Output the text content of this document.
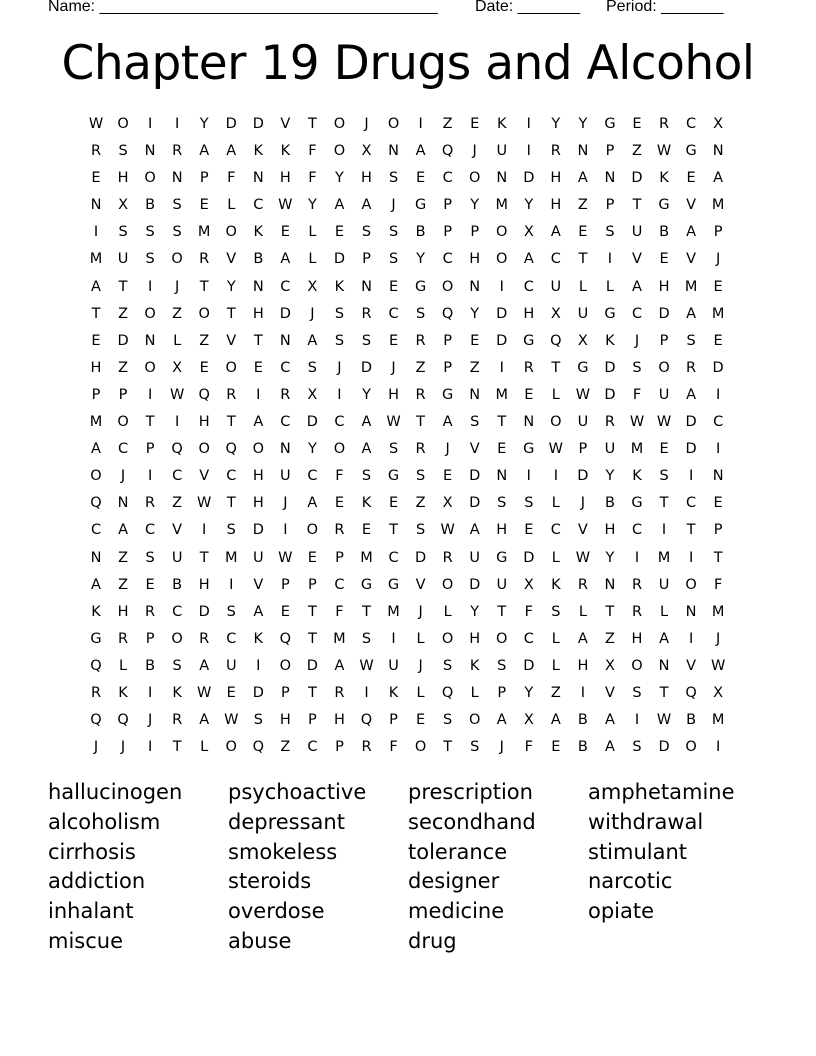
Name: ______________________________________ Date: _______ Period: _______
Chapter 19 Drugs and Alcohol
W O	I	I	Y	D	D	V	T	O	J	O	I	Z	E	K	I	Y	Y	G	E	R	C	X
R	S	N	R	A	A	K	K	F	O	X	N	A	Q	J	U	I	R	N	P	Z	W G	N
E	H	O	N	P	F	N	H	F	Y	H	S	E	C	O	N	D	H	A	N	D	K	E	A
N	X	B	S	E	L	C	W	Y	A	A	J	G	P	Y	M	Y	H	Z	P	T	G	V	M
I	S	S	S	M	O	K	E	L	E	S	S	B	P	P	O	X	A	E	S	U	B	A	P
M	U	S	O	R	V	B	A	L	D	P	S	Y	C	H	O	A	C	T	I	V	E	V	J
A	T	I	J	T	Y	N	C	X	K	N	E	G	O	N	I	C	U	L	L	A	H	M	E
T	Z	O	Z	O	T	H	D	J	S	R	C	S	Q	Y	D	H	X	U	G	C	D	A	M
E	D	N	L	Z	V	T	N	A	S	S	E	R	P	E	D	G	Q	X	K	J	P	S	E
H	Z	O	X	E	O	E	C	S	J	D	J	Z	P	Z	I	R	T	G	D	S	O	R	D
P	P	I	W Q	R	I	R	X	I	Y	H	R	G	N	M	E	L	W D	F	U	A	I
M	O	T	I	H	T	A	C	D	C	A	W	T	A	S	T	N	O	U	R	W W D	C
A	C	P	Q	O	Q	O	N	Y	O	A	S	R	J	V	E	G W	P	U	M	E	D	I
O	J	I	C	V	C	H	U	C	F	S	G	S	E	D	N	I	I	D	Y	K	S	I	N
Q	N	R	Z	W	T	H	J	A	E	K	E	Z	X	D	S	S	L	J	B	G	T	C	E
C	A	C	V	I	S	D	I	O	R	E	T	S	W	A	H	E	C	V	H	C	I	T	P
N	Z	S	U	T	M	U	W	E	P	M	C	D	R	U	G	D	L	W	Y	I	M	I	T
A	Z	E	B	H	I	V	P	P	C	G	G	V	O	D	U	X	K	R	N	R	U	O	F
K	H	R	C	D	S	A	E	T	F	T	M	J	L	Y	T	F	S	L	T	R	L	N	M
G	R	P	O	R	C	K	Q	T	M	S	I	L	O	H	O	C	L	A	Z	H	A	I	J
Q	L	B	S	A	U	I	O	D	A	W	U	J	S	K	S	D	L	H	X	O	N	V	W
R	K	I	K	W	E	D	P	T	R	I	K	L	Q	L	P	Y	Z	I	V	S	T	Q	X
Q	Q	J	R	A	W	S	H	P	H	Q	P	E	S	O	A	X	A	B	A	I	W	B	M
J	J	I	T	L	O	Q	Z	C	P	R	F	O	T	S	J	F	E	B	A	S	D	O	I
hallucinogen
alcoholism
cirrhosis
addiction
inhalant
miscue
psychoactive
depressant
smokeless
steroids
overdose
abuse
prescription
secondhand
tolerance
designer
medicine
drug
amphetamine
withdrawal
stimulant
narcotic
opiate
